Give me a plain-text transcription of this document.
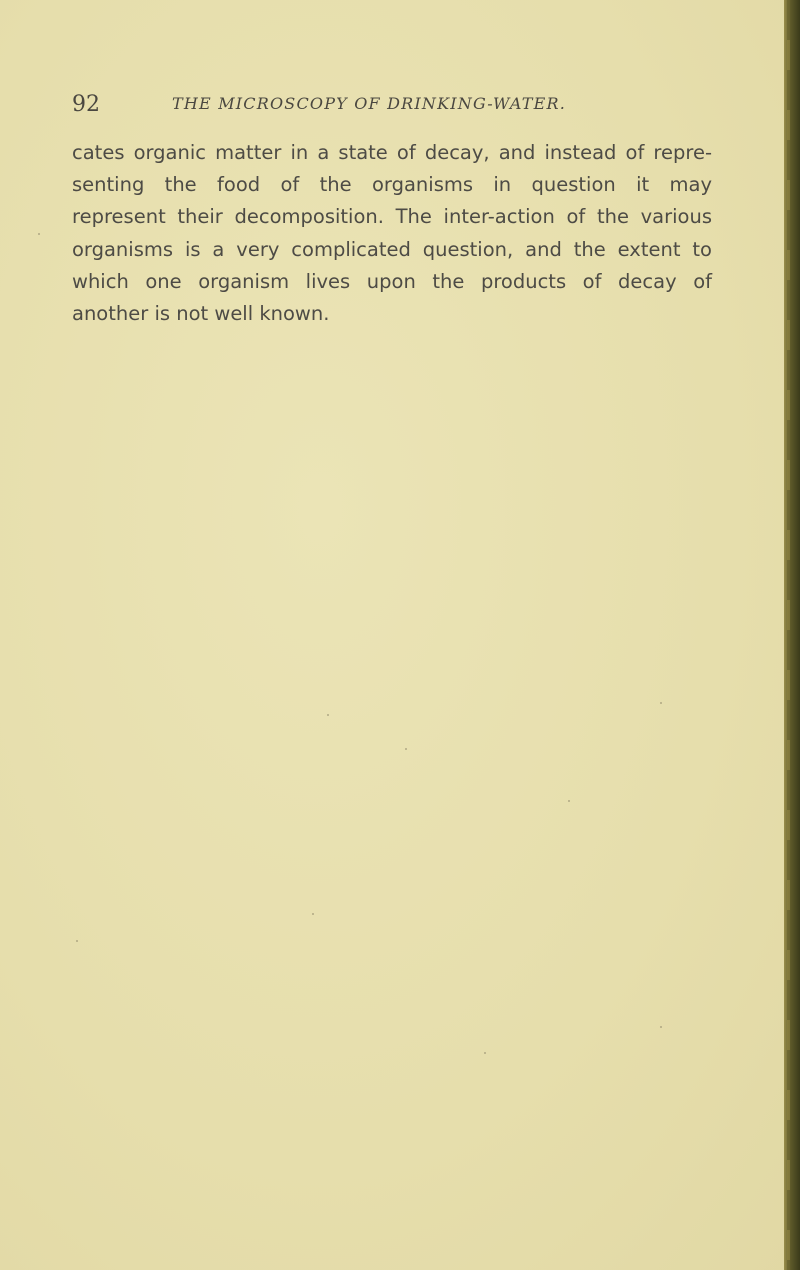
92	THE MICROSCOPY OF DRINKING-WATER.
cates organic matter in a state of decay, and instead of repre-
senting the food of the organisms in question it may
represent their decomposition. The inter-action of the various
organisms is a very complicated question, and the extent to
which one organism lives upon the products of decay of
another is not well known.
